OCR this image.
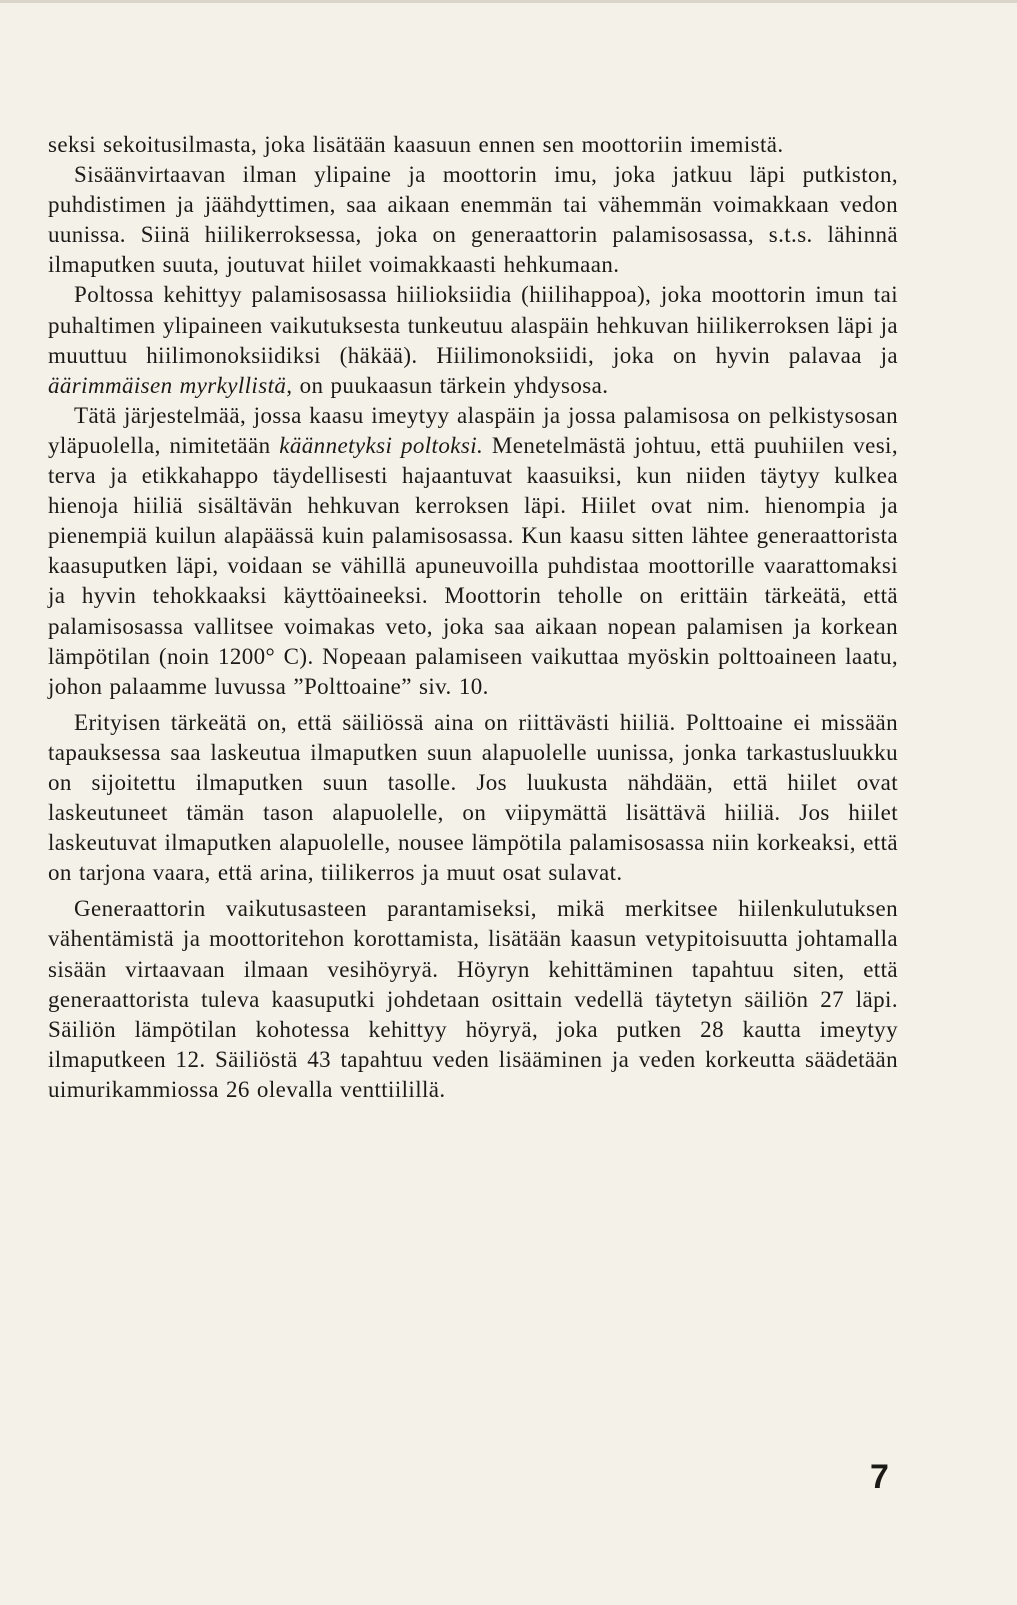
seksi sekoitusilmasta, joka lisätään kaasuun ennen sen moottoriin imemistä.

Sisäänvirtaavan ilman ylipaine ja moottorin imu, joka jatkuu läpi putkiston, puhdistimen ja jäähdyttimen, saa aikaan enemmän tai vähemmän voimakkaan vedon uunissa. Siinä hiilikerroksessa, joka on generaattorin palamisosassa, s.t.s. lähinnä ilmaputken suuta, joutuvat hiilet voimakkaasti hehkumaan.

Poltossa kehittyy palamisosassa hiilioksiidia (hiilihappoa), joka moottorin imun tai puhaltimen ylipaineen vaikutuksesta tunkeutuu alaspäin hehkuvan hiilikerroksen läpi ja muuttuu hiilimonoksiidiksi (häkää). Hiilimonoksiidi, joka on hyvin palavaa ja äärimmäisen myrkyllistä, on puukaasun tärkein yhdysosa.

Tätä järjestelmää, jossa kaasu imeytyy alaspäin ja jossa palamisosa on pelkistysosan yläpuolella, nimitetään käännetyksi poltoksi. Menetelmästä johtuu, että puuhiilen vesi, terva ja etikkahappo täydellisesti hajaantuvat kaasuiksi, kun niiden täytyy kulkea hienoja hiiliä sisältävän hehkuvan kerroksen läpi. Hiilet ovat nim. hienompia ja pienempiä kuilun alapäässä kuin palamisosassa. Kun kaasu sitten lähtee generaattorista kaasuputken läpi, voidaan se vähillä apuneuvoilla puhdistaa moottorille vaarattomaksi ja hyvin tehokkaaksi käyttöaineeksi. Moottorin teholle on erittäin tärkeätä, että palamisosassa vallitsee voimakas veto, joka saa aikaan nopean palamisen ja korkean lämpötilan (noin 1200° C). Nopeaan palamiseen vaikuttaa myöskin polttoaineen laatu, johon palaamme luvussa ”Polttoaine” siv. 10.

Erityisen tärkeätä on, että säiliössä aina on riittävästi hiiliä. Polttoaine ei missään tapauksessa saa laskeutua ilmaputken suun alapuolelle uunissa, jonka tarkastusluukku on sijoitettu ilmaputken suun tasolle. Jos luukusta nähdään, että hiilet ovat laskeutuneet tämän tason alapuolelle, on viipymättä lisättävä hiiliä. Jos hiilet laskeutuvat ilmaputken alapuolelle, nousee lämpötila palamisosassa niin korkeaksi, että on tarjona vaara, että arina, tiilikerros ja muut osat sulavat.

Generaattorin vaikutusasteen parantamiseksi, mikä merkitsee hiilenkulutuksen vähentämistä ja moottoritehon korottamista, lisätään kaasun vetypitoisuutta johtamalla sisään virtaavaan ilmaan vesihöyryä. Höyryn kehittäminen tapahtuu siten, että generaattorista tuleva kaasuputki johdetaan osittain vedellä täytetyn säiliön 27 läpi. Säiliön lämpötilan kohotessa kehittyy höyryä, joka putken 28 kautta imeytyy ilmaputkeen 12. Säiliöstä 43 tapahtuu veden lisääminen ja veden korkeutta säädetään uimurikammiossa 26 olevalla venttiilillä.

7
